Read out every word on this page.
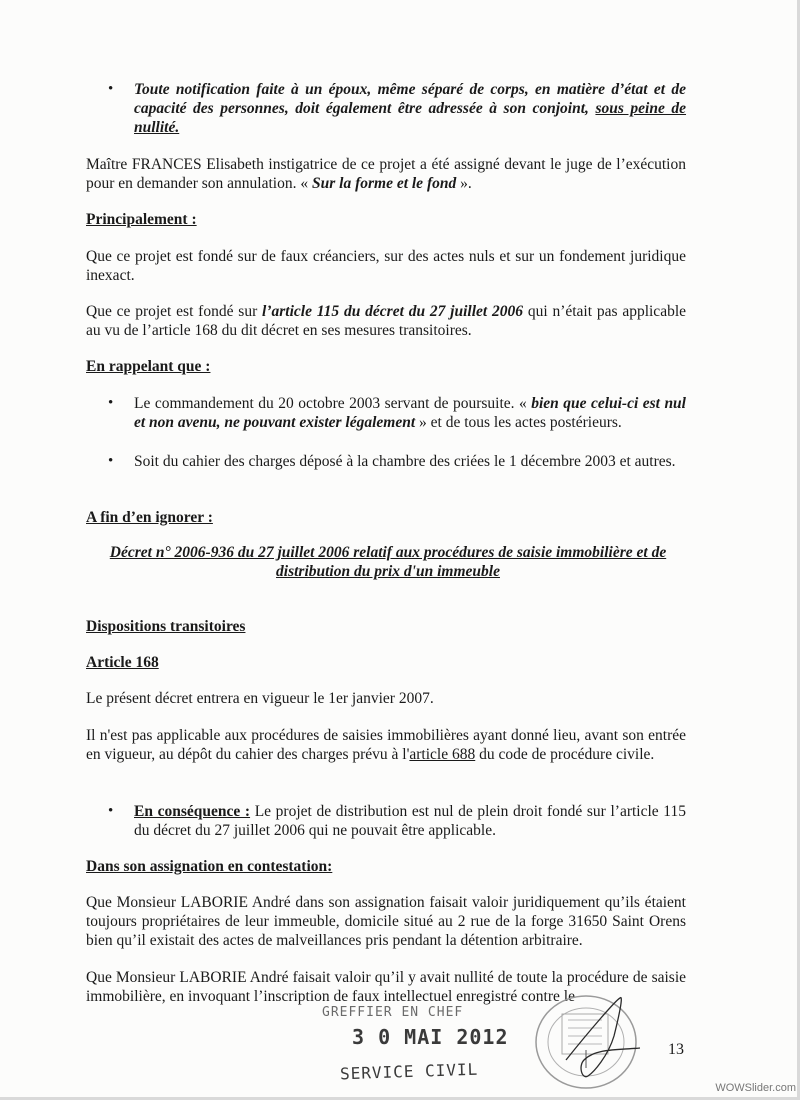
•	Toute notification faite à un époux, même séparé de corps, en matière d’état et de capacité des personnes, doit également être adressée à son conjoint, sous peine de nullité.

Maître FRANCES Elisabeth instigatrice de ce projet a été assigné devant le juge de l’exécution pour en demander son annulation. « Sur la forme et le fond ».

Principalement :

Que ce projet est fondé sur de faux créanciers, sur des actes nuls et sur un fondement juridique inexact.

Que ce projet est fondé sur l’article 115 du décret du 27 juillet 2006 qui n’était pas applicable au vu de l’article 168 du dit décret en ses mesures transitoires.

En rappelant que :
•	Le commandement du 20 octobre 2003 servant de poursuite. « bien que celui-ci est nul et non avenu, ne pouvant exister légalement » et de tous les actes postérieurs.

•	Soit du cahier des charges déposé à la chambre des criées le 1 décembre 2003 et autres.

A fin d’en ignorer :

Décret n° 2006-936 du 27 juillet 2006 relatif aux procédures de saisie immobilière et de distribution du prix d'un immeuble

Dispositions transitoires
Article 168

Le présent décret entrera en vigueur le 1er janvier 2007.

Il n'est pas applicable aux procédures de saisies immobilières ayant donné lieu, avant son entrée en vigueur, au dépôt du cahier des charges prévu à l'article 688 du code de procédure civile.

•	En conséquence : Le projet de distribution est nul de plein droit fondé sur l’article 115 du décret du 27 juillet 2006 qui ne pouvait être applicable.

Dans son assignation en contestation:

Que Monsieur LABORIE André dans son assignation faisait valoir juridiquement qu’ils étaient toujours propriétaires de leur immeuble, domicile situé au 2 rue de la forge 31650 Saint Orens bien qu’il existait des actes de malveillances pris pendant la détention arbitraire.

Que Monsieur LABORIE André faisait valoir qu’il y avait nullité de toute la procédure de saisie immobilière, en invoquant l’inscription de faux intellectuel enregistré contre le

GREFFIER EN CHEF
3 0 MAI 2012
SERVICE CIVIL
13
WOWSlider.com
